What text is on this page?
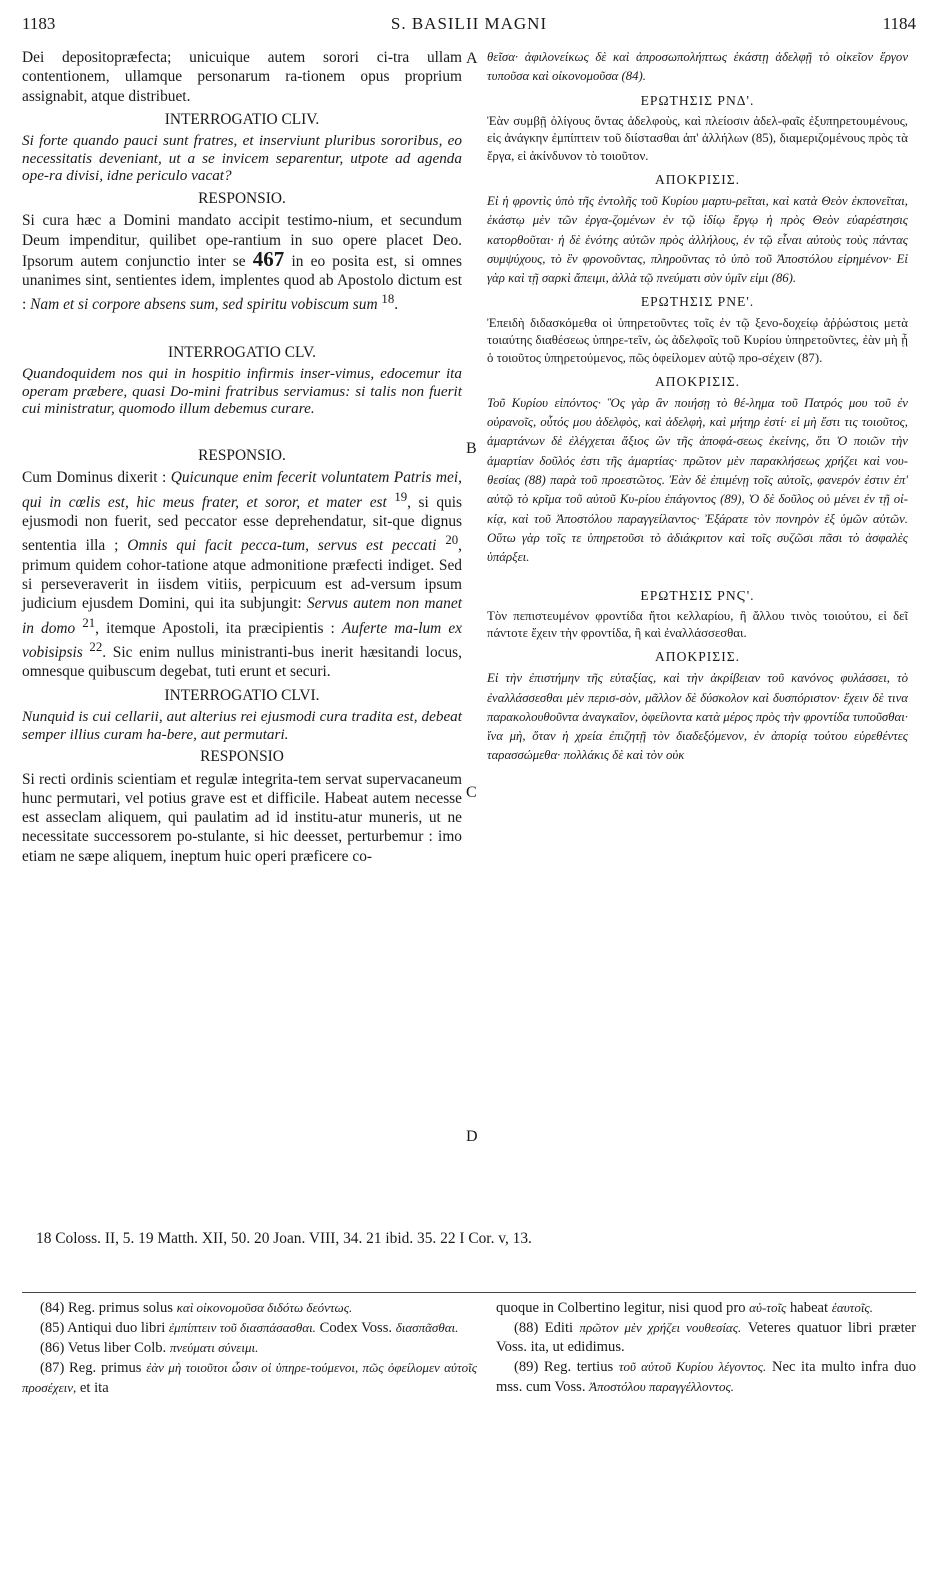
1183	S. BASILII MAGNI	1184

Dei depositopræfecta; unicuique autem sorori ci-tra ullam contentionem, ullamque personarum ra-tionem opus proprium assignabit, atque distribuet.

INTERROGATIO CLIV.

Si forte quando pauci sunt fratres, et inserviunt pluribus sororibus, eo necessitatis deveniant, ut a se invicem separentur, utpote ad agenda ope-ra divisi, idne periculo vacat?

RESPONSIO.

Si cura hæc a Domini mandato accipit testimo-nium, et secundum Deum impenditur, quilibet ope-rantium in suo opere placet Deo. Ipsorum autem conjunctio inter se 467 in eo posita est, si omnes unanimes sint, sentientes idem, implentes quod ab Apostolo dictum est : Nam et si corpore absens sum, sed spiritu vobiscum sum $^{18}$.

INTERROGATIO CLV.

Quandoquidem nos qui in hospitio infirmis inser-vimus, edocemur ita operam præbere, quasi Do-mini fratribus serviamus: si talis non fuerit cui ministratur, quomodo illum debemus curare.

RESPONSIO.

Cum Dominus dixerit : Quicunque enim fecerit voluntatem Patris mei, qui in cœlis est, hic meus frater, et soror, et mater est $^{19}$, si quis ejusmodi non fuerit, sed peccator esse deprehendatur, sit-que dignus sententia illa ; Omnis qui facit pecca-tum, servus est peccati $^{20}$, primum quidem cohor-tatione atque admonitione præfecti indiget. Sed si perseveraverit in iisdem vitiis, perpicuum est ad-versum ipsum judicium ejusdem Domini, qui ita subjungit: Servus autem non manet in domo $^{21}$, itemque Apostoli, ita præcipientis : Auferte ma-lum ex vobisipsis $^{22}$. Sic enim nullus ministranti-bus inerit hæsitandi locus, omnesque quibuscum degebat, tuti erunt et securi.

INTERROGATIO CLVI.

Nunquid is cui cellarii, aut alterius rei ejusmodi cura tradita est, debeat semper illius curam ha-bere, aut permutari.

RESPONSIO

Si recti ordinis scientiam et regulæ integrita-tem servat supervacaneum hunc permutari, vel potius grave est et difficile. Habeat autem necesse est asseclam aliquem, qui paulatim ad id institu-atur muneris, ut ne necessitate successorem po-stulante, si hic deesset, perturbemur : imo etiam ne sæpe aliquem, ineptum huic operi præficere co-

A
B
C
D

θεῖσα· ἀφιλονείκως δὲ καὶ ἀπροσωπολήπτως ἑκάστῃ ἀδελφῇ τὸ οἰκεῖον ἔργον τυποῦσα καὶ οἰκονομοῦσα (84).

ΕΡΩΤΗΣΙΣ ΡΝΔ'.

Ἐὰν συμβῇ ὀλίγους ὄντας ἀδελφοὺς, καὶ πλείοσιν ἀδελ-φαῖς ἐξυπηρετουμένους, εἰς ἀνάγκην ἐμπίπτειν τοῦ διίστασθαι ἀπ' ἀλλήλων (85), διαμεριζομένους πρὸς τὰ ἔργα, εἰ ἀκίνδυνον τὸ τοιοῦτον.

ΑΠΟΚΡΙΣΙΣ.

Εἰ ἡ φροντὶς ὑπὸ τῆς ἐντολῆς τοῦ Κυρίου μαρτυ-ρεῖται, καὶ κατὰ Θεὸν ἐκπονεῖται, ἑκάστῳ μὲν τῶν ἐργα-ζομένων ἐν τῷ ἰδίῳ ἔργῳ ἡ πρὸς Θεὸν εὐαρέστησις κατορθοῦται· ἡ δὲ ἑνότης αὐτῶν πρὸς ἀλλήλους, ἐν τῷ εἶναι αὐτοὺς τοὺς πάντας συμψύχους, τὸ ἓν φρονοῦντας, πληροῦντας τὸ ὑπὸ τοῦ Ἀποστόλου εἰρημένον· Εἰ γὰρ καὶ τῇ σαρκὶ ἄπειμι, ἀλλὰ τῷ πνεύματι σὺν ὑμῖν εἰμι (86).

ΕΡΩΤΗΣΙΣ ΡΝΕ'.

Ἐπειδὴ διδασκόμεθα οἱ ὑπηρετοῦντες τοῖς ἐν τῷ ξενο-δοχείῳ ἀῤῥώστοις μετὰ τοιαύτης διαθέσεως ὑπηρε-τεῖν, ὡς ἀδελφοῖς τοῦ Κυρίου ὑπηρετοῦντες, ἐὰν μὴ ᾖ ὁ τοιοῦτος ὑπηρετούμενος, πῶς ὀφείλομεν αὐτῷ προ-σέχειν (87).

ΑΠΟΚΡΙΣΙΣ.

Τοῦ Κυρίου εἰπόντος· Ὃς γὰρ ἂν ποιήσῃ τὸ θέ-λημα τοῦ Πατρός μου τοῦ ἐν οὐρανοῖς, οὗτός μου ἀδελφὸς, καὶ ἀδελφὴ, καὶ μήτηρ ἐστί· εἰ μὴ ἔστι τις τοιοῦτος, ἁμαρτάνων δὲ ἐλέγχεται ἄξιος ὢν τῆς ἀποφά-σεως ἐκείνης, ὅτι Ὁ ποιῶν τὴν ἁμαρτίαν δοῦλός ἐστι τῆς ἁμαρτίας· πρῶτον μὲν παρακλήσεως χρήζει καὶ νου-θεσίας (88) παρὰ τοῦ προεστῶτος. Ἐὰν δὲ ἐπιμένῃ τοῖς αὐτοῖς, φανερόν ἐστιν ἐπ' αὐτῷ τὸ κρῖμα τοῦ αὐτοῦ Κυ-ρίου ἐπάγοντος (89), Ὁ δὲ δοῦλος οὐ μένει ἐν τῇ οἰ-κίᾳ, καὶ τοῦ Ἀποστόλου παραγγείλαντος· Ἐξάρατε τὸν πονηρὸν ἐξ ὑμῶν αὐτῶν. Οὕτω γὰρ τοῖς τε ὑπηρετοῦσι τὸ ἀδιάκριτον καὶ τοῖς συζῶσι πᾶσι τὸ ἀσφαλὲς ὑπάρξει.

ΕΡΩΤΗΣΙΣ ΡΝϚ'.

Τὸν πεπιστευμένον φροντίδα ἤτοι κελλαρίου, ἢ ἄλλου τινὸς τοιούτου, εἰ δεῖ πάντοτε ἔχειν τὴν φροντίδα, ἢ καὶ ἐναλλάσσεσθαι.

ΑΠΟΚΡΙΣΙΣ.

Εἰ τὴν ἐπιστήμην τῆς εὐταξίας, καὶ τὴν ἀκρίβειαν τοῦ κανόνος φυλάσσει, τὸ ἐναλλάσσεσθαι μὲν περισ-σὸν, μᾶλλον δὲ δύσκολον καὶ δυσπόριστον· ἔχειν δὲ τινα παρακολουθοῦντα ἀναγκαῖον, ὀφείλοντα κατὰ μέρος πρὸς τὴν φροντίδα τυποῦσθαι· ἵνα μὴ, ὅταν ἡ χρεία ἐπιζητῇ τὸν διαδεξόμενον, ἐν ἀπορίᾳ τούτου εὑρεθέντες ταρασσώμεθα· πολλάκις δὲ καὶ τὸν οὐκ

18 Coloss. II, 5. 19 Matth. XII, 50. 20 Joan. VIII, 34. 21 ibid. 35. 22 I Cor. v, 13.

(84) Reg. primus solus καὶ οἰκονομοῦσα διδότω δεόντως.

(85) Antiqui duo libri ἐμπίπτειν τοῦ διασπάσασθαι. Codex Voss. διασπᾶσθαι.

(86) Vetus liber Colb. πνεύματι σύνειμι.

(87) Reg. primus ἐὰν μὴ τοιοῦτοι ὦσιν οἱ ὑπηρε-τούμενοι, πῶς ὀφείλομεν αὐτοῖς προσέχειν, et ita

quoque in Colbertino legitur, nisi quod pro αὐ-τοῖς habeat ἑαυτοῖς.

(88) Editi πρῶτον μὲν χρήζει νουθεσίας. Veteres quatuor libri præter Voss. ita, ut edidimus.

(89) Reg. tertius τοῦ αὐτοῦ Κυρίου λέγοντος. Nec ita multo infra duo mss. cum Voss. Ἀποστόλου παραγγέλλοντος.
